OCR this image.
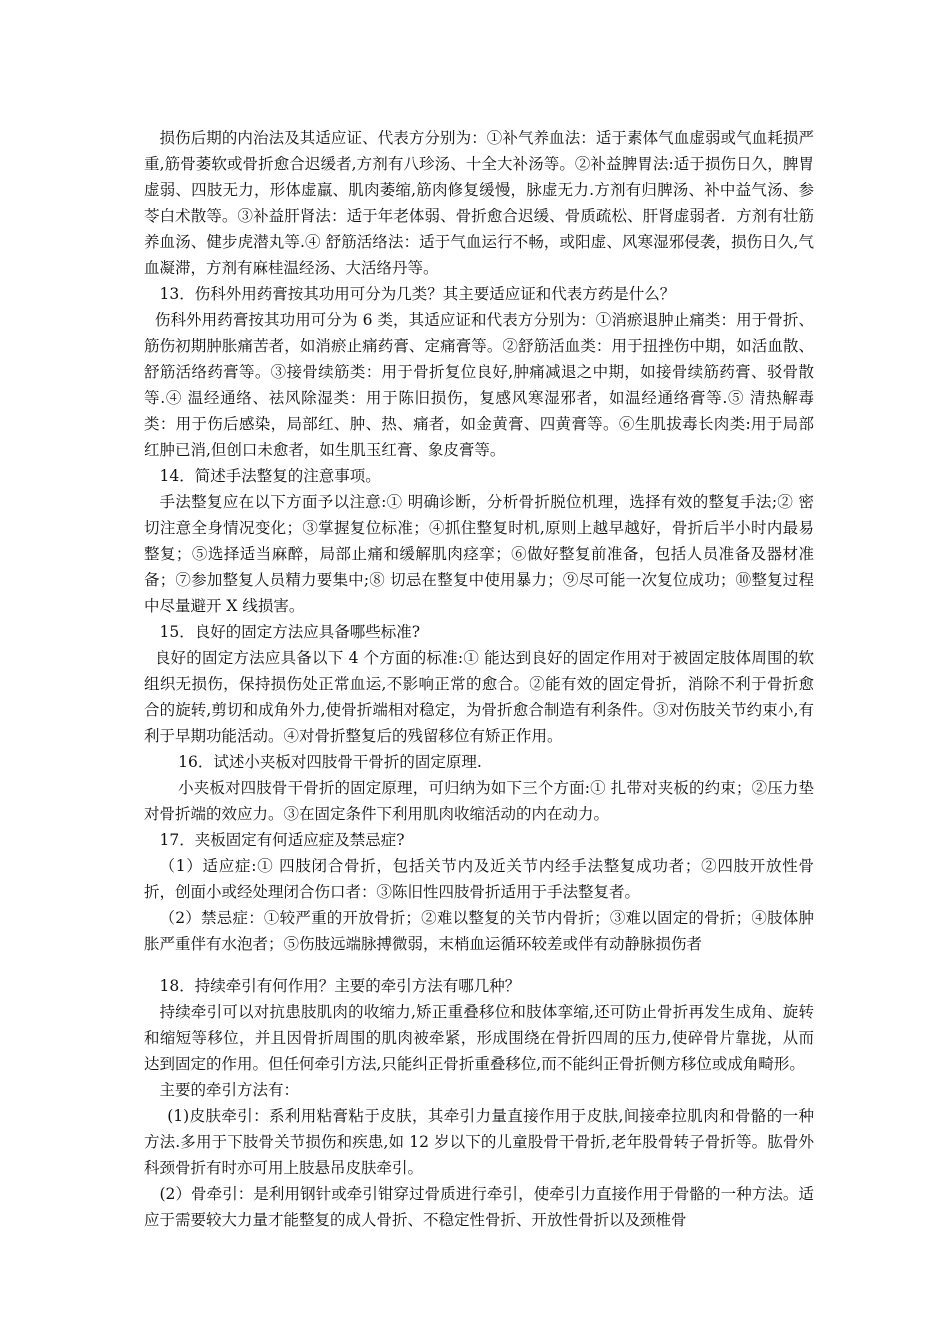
损伤后期的内治法及其适应证、代表方分别为：①补气养血法：适于素体气血虚弱或气血耗损严重,筋骨萎软或骨折愈合迟缓者,方剂有八珍汤、十全大补汤等。②补益脾胃法:适于损伤日久，脾胃虚弱、四肢无力，形体虚羸、肌肉萎缩,筋肉修复缓慢，脉虚无力.方剂有归脾汤、补中益气汤、参苓白术散等。③补益肝肾法：适于年老体弱、骨折愈合迟缓、骨质疏松、肝肾虚弱者．方剂有壮筋养血汤、健步虎潜丸等.④ 舒筋活络法：适于气血运行不畅，或阳虚、风寒湿邪侵袭，损伤日久,气血凝滞，方剂有麻桂温经汤、大活络丹等。

13．伤科外用药膏按其功用可分为几类？其主要适应证和代表方药是什么？

伤科外用药膏按其功用可分为 6 类，其适应证和代表方分别为：①消瘀退肿止痛类：用于骨折、筋伤初期肿胀痛苦者，如消瘀止痛药膏、定痛膏等。②舒筋活血类：用于扭挫伤中期，如活血散、舒筋活络药膏等。③接骨续筋类：用于骨折复位良好,肿痛减退之中期，如接骨续筋药膏、驳骨散等.④ 温经通络、祛风除湿类：用于陈旧损伤，复感风寒湿邪者，如温经通络膏等.⑤ 清热解毒类：用于伤后感染，局部红、肿、热、痛者，如金黄膏、四黄膏等。⑥生肌拔毒长肉类:用于局部红肿已消,但创口未愈者，如生肌玉红膏、象皮膏等。

14．简述手法整复的注意事项。

手法整复应在以下方面予以注意:① 明确诊断，分析骨折脱位机理，选择有效的整复手法;② 密切注意全身情况变化；③掌握复位标准；④抓住整复时机,原则上越早越好，骨折后半小时内最易整复；⑤选择适当麻醉，局部止痛和缓解肌肉痉挛；⑥做好整复前准备，包括人员准备及器材准备；⑦参加整复人员精力要集中;⑧ 切忌在整复中使用暴力；⑨尽可能一次复位成功；⑩整复过程中尽量避开 X 线损害。

15．良好的固定方法应具备哪些标准?

良好的固定方法应具备以下 4 个方面的标准:① 能达到良好的固定作用对于被固定肢体周围的软组织无损伤，保持损伤处正常血运,不影响正常的愈合。②能有效的固定骨折，消除不利于骨折愈合的旋转,剪切和成角外力,使骨折端相对稳定，为骨折愈合制造有利条件。③对伤肢关节约束小,有利于早期功能活动。④对骨折整复后的残留移位有矫正作用。

16．试述小夹板对四肢骨干骨折的固定原理.

小夹板对四肢骨干骨折的固定原理，可归纳为如下三个方面:① 扎带对夹板的约束；②压力垫对骨折端的效应力。③在固定条件下利用肌肉收缩活动的内在动力。

17．夹板固定有何适应症及禁忌症?

（1）适应症:① 四肢闭合骨折，包括关节内及近关节内经手法整复成功者；②四肢开放性骨折，创面小或经处理闭合伤口者：③陈旧性四肢骨折适用于手法整复者。

（2）禁忌症：①较严重的开放骨折；②难以整复的关节内骨折；③难以固定的骨折；④肢体肿胀严重伴有水泡者；⑤伤肢远端脉搏微弱，末梢血运循环较差或伴有动静脉损伤者

18．持续牵引有何作用？主要的牵引方法有哪几种？

持续牵引可以对抗患肢肌肉的收缩力,矫正重叠移位和肢体挛缩,还可防止骨折再发生成角、旋转和缩短等移位，并且因骨折周围的肌肉被牵紧，形成围绕在骨折四周的压力,使碎骨片靠拢，从而达到固定的作用。但任何牵引方法,只能纠正骨折重叠移位,而不能纠正骨折侧方移位或成角畸形。

主要的牵引方法有：

(1)皮肤牵引：系利用粘膏粘于皮肤，其牵引力量直接作用于皮肤,间接牵拉肌肉和骨骼的一种方法.多用于下肢骨关节损伤和疾患,如 12 岁以下的儿童股骨干骨折,老年股骨转子骨折等。肱骨外科颈骨折有时亦可用上肢悬吊皮肤牵引。

(2）骨牵引：是利用钢针或牵引钳穿过骨质进行牵引，使牵引力直接作用于骨骼的一种方法。适应于需要较大力量才能整复的成人骨折、不稳定性骨折、开放性骨折以及颈椎骨
